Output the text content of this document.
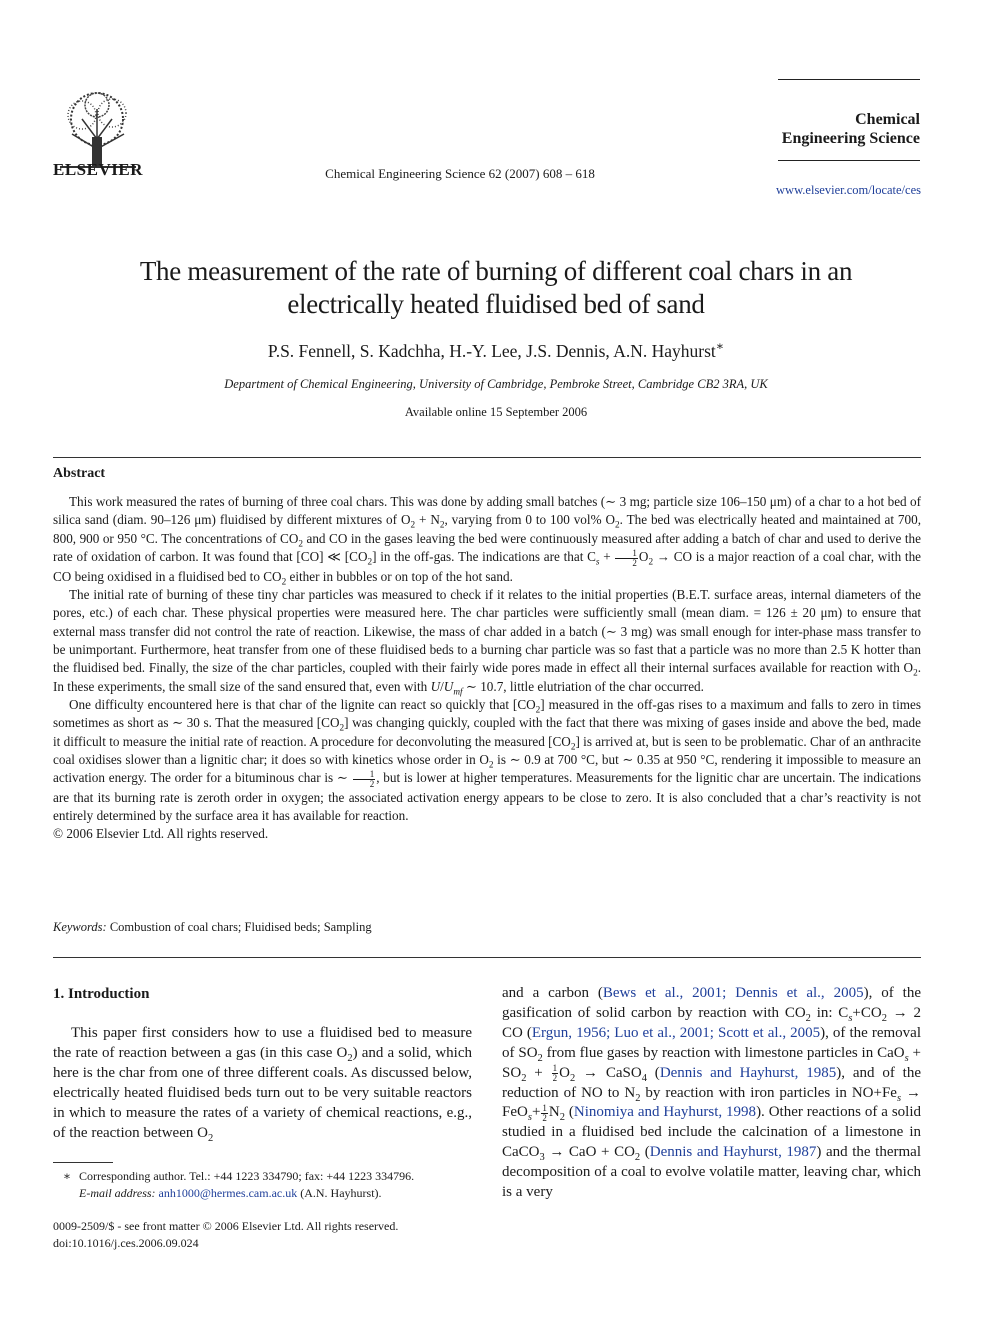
ELSEVIER	Chemical Engineering Science 62 (2007) 608 – 618
Chemical
Engineering Science
www.elsevier.com/locate/ces
The measurement of the rate of burning of different coal chars in an
electrically heated fluidised bed of sand
P.S. Fennell, S. Kadchha, H.-Y. Lee, J.S. Dennis, A.N. Hayhurst∗
Department of Chemical Engineering, University of Cambridge, Pembroke Street, Cambridge CB2 3RA, UK
Available online 15 September 2006
Abstract

This work measured the rates of burning of three coal chars. This was done by adding small batches (∼ 3 mg; particle size 106–150 μm) of a char to a hot bed of silica sand (diam. 90–126 μm) fluidised by different mixtures of $O_2 + N_2$, varying from 0 to 100 vol% $O_2$. The bed was electrically heated and maintained at 700, 800, 900 or 950 °C. The concentrations of $CO_2$ and CO in the gases leaving the bed were continuously measured after adding a batch of char and used to derive the rate of oxidation of carbon. It was found that [CO] ≪ $[CO_2]$ in the off-gas. The indications are that $C_s + \frac{1}{2} O_2$ → CO is a major reaction of a coal char, with the CO being oxidised in a fluidised bed to $CO_2$ either in bubbles or on top of the hot sand.

The initial rate of burning of these tiny char particles was measured to check if it relates to the initial properties (B.E.T. surface areas, internal diameters of the pores, etc.) of each char. These physical properties were measured here. The char particles were sufficiently small (mean diam. = 126 ± 20 μm) to ensure that external mass transfer did not control the rate of reaction. Likewise, the mass of char added in a batch (∼ 3 mg) was small enough for inter-phase mass transfer to be unimportant. Furthermore, heat transfer from one of these fluidised beds to a burning char particle was so fast that a particle was no more than 2.5 K hotter than the fluidised bed. Finally, the size of the char particles, coupled with their fairly wide pores made in effect all their internal surfaces available for reaction with $O_2$. In these experiments, the small size of the sand ensured that, even with $U/U_{mf}$ ∼ 10.7, little elutriation of the char occurred.

One difficulty encountered here is that char of the lignite can react so quickly that $[CO_2]$ measured in the off-gas rises to a maximum and falls to zero in times sometimes as short as ∼ 30 s. That the measured $[CO_2]$ was changing quickly, coupled with the fact that there was mixing of gases inside and above the bed, made it difficult to measure the initial rate of reaction. A procedure for deconvoluting the measured $[CO_2]$ is arrived at, but is seen to be problematic. Char of an anthracite coal oxidises slower than a lignitic char; it does so with kinetics whose order in $O_2$ is ∼ 0.9 at 700 °C, but ∼ 0.35 at 950 °C, rendering it impossible to measure an activation energy. The order for a bituminous char is ∼ $\frac{1}{2}$ , but is lower at higher temperatures. Measurements for the lignitic char are uncertain. The indications are that its burning rate is zeroth order in oxygen; the associated activation energy appears to be close to zero. It is also concluded that a char’s reactivity is not entirely determined by the surface area it has available for reaction.

© 2006 Elsevier Ltd. All rights reserved.

Keywords: Combustion of coal chars; Fluidised beds; Sampling
1. Introduction
This paper first considers how to use a fluidised bed to measure the rate of reaction between a gas (in this case $O_2$) and a solid, which here is the char from one of three different coals. As discussed below, electrically heated fluidised beds turn out to be very suitable reactors in which to measure the rates of a variety of chemical reactions, e.g., of the reaction between $O_2$
and a carbon (Bews et al., 2001; Dennis et al., 2005), of the gasification of solid carbon by reaction with $CO_2$ in: $C_s+CO_2 \to 2$ CO (Ergun, 1956; Luo et al., 2001; Scott et al., 2005), of the removal of $SO_2$ from flue gases by reaction with limestone particles in $CaO_s + SO_2 + \frac{1}{2} O_2$ → CaSO$_4$ (Dennis and Hayhurst, 1985), and of the reduction of NO to $N_2$ by reaction with iron particles in $NO+Fe_s \to FeO_s+ \frac{1}{2} N_2$ (Ninomiya and Hayhurst, 1998). Other reactions of a solid studied in a fluidised bed include the calcination of a limestone in CaCO$_3$ → CaO + $CO_2$ (Dennis and Hayhurst, 1987) and the thermal decomposition of a coal to evolve volatile matter, leaving char, which is a very
∗ Corresponding author. Tel.: +44 1223 334790; fax: +44 1223 334796.
E-mail address: anh1000@hermes.cam.ac.uk (A.N. Hayhurst).
0009-2509/$ - see front matter © 2006 Elsevier Ltd. All rights reserved.
doi:10.1016/j.ces.2006.09.024
